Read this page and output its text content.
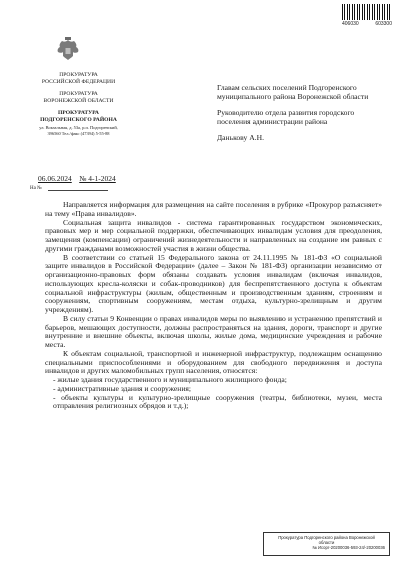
406030	603300
ПРОКУРАТУРА
РОССИЙСКОЙ ФЕДЕРАЦИИ
ПРОКУРАТУРА
ВОРОНЕЖСКОЙ ОБЛАСТИ
ПРОКУРАТУРА
ПОДГОРЕНСКОГО РАЙОНА
ул. Вокзальная, д. 53а, р.п. Подгоренский,
396560 Тел./факс (47394) 5-55-88
06.06.2024 № 4-1-2024
На №

Главам сельских поселений Подгоренского муниципального района Воронежской области

Руководителю отдела развития городского поселения администрации района

Данькову А.Н.

Направляется информация для размещения на сайте поселения в рубрике «Прокурор разъясняет» на тему «Права инвалидов».

Социальная защита инвалидов - система гарантированных государством экономических, правовых мер и мер социальной поддержки, обеспечивающих инвалидам условия для преодоления, замещения (компенсации) ограничений жизнедеятельности и направленных на создание им равных с другими гражданами возможностей участия в жизни общества.

В соответствии со статьей 15 Федерального закона от 24.11.1995 № 181-ФЗ «О социальной защите инвалидов в Российской Федерации» (далее – Закон № 181-ФЗ) организации независимо от организационно-правовых форм обязаны создавать условия инвалидам (включая инвалидов, использующих кресла-коляски и собак-проводников) для беспрепятственного доступа к объектам социальной инфраструктуры (жилым, общественным и производственным зданиям, строениям и сооружениям, спортивным сооружениям, местам отдыха, культурно-зрелищным и другим учреждениям).

В силу статьи 9 Конвенции о правах инвалидов меры по выявлению и устранению препятствий и барьеров, мешающих доступности, должны распространяться на здания, дороги, транспорт и другие внутренние и внешние объекты, включая школы, жилые дома, медицинские учреждения и рабочие места.

К объектам социальной, транспортной и инженерной инфраструктур, подлежащим оснащению специальными приспособлениями и оборудованием для свободного передвижения и доступа инвалидов и других маломобильных групп населения, относятся:

- жилые здания государственного и муниципального жилищного фонда;

- административные здания и сооружения;

- объекты культуры и культурно-зрелищные сооружения (театры, библиотеки, музеи, места отправления религиозных обрядов и т.д.);

Прокуратура Подгоренского района Воронежской
области
№ Исорг-20200036-593-24/-20200036
